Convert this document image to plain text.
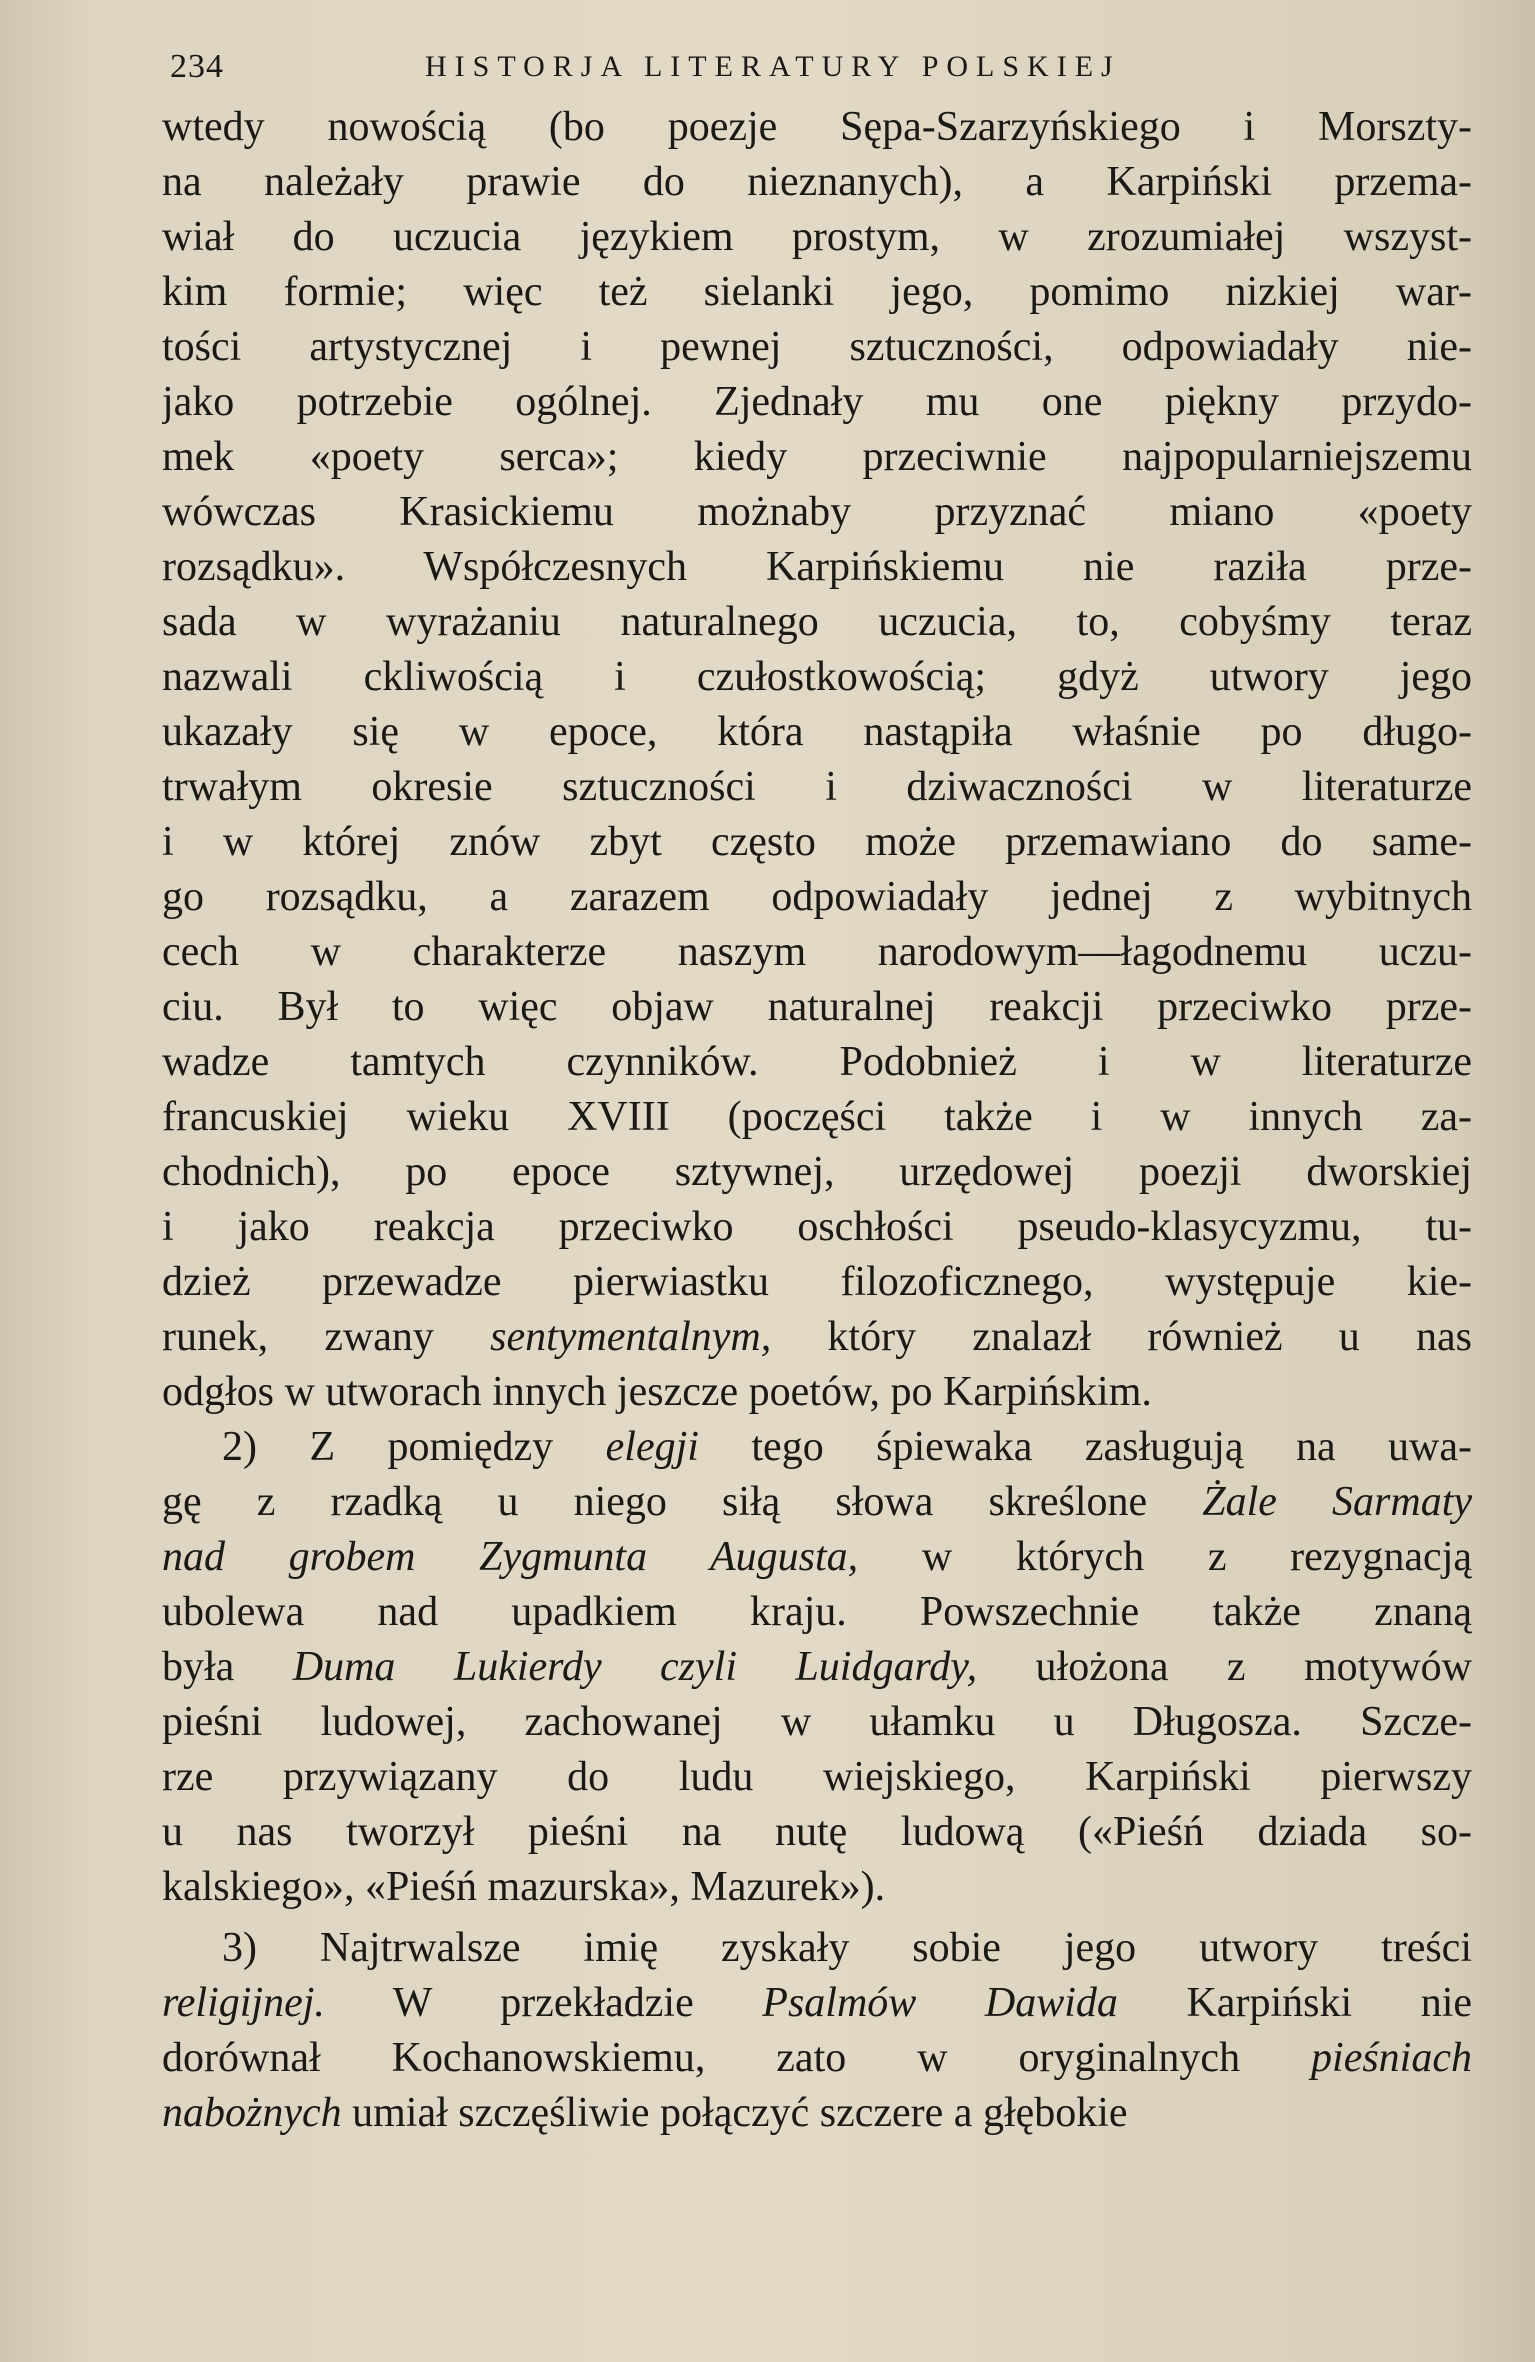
234	HISTORJA LITERATURY POLSKIEJ
wtedy nowością (bo poezje Sępa-Szarzyńskiego i Morszty-
na należały prawie do nieznanych), a Karpiński przema-
wiał do uczucia językiem prostym, w zrozumiałej wszyst-
kim formie; więc też sielanki jego, pomimo nizkiej war-
tości artystycznej i pewnej sztuczności, odpowiadały nie-
jako potrzebie ogólnej. Zjednały mu one piękny przydo-
mek «poety serca»; kiedy przeciwnie najpopularniejszemu
wówczas Krasickiemu możnaby przyznać miano «poety
rozsądku». Współczesnych Karpińskiemu nie raziła prze-
sada w wyrażaniu naturalnego uczucia, to, cobyśmy teraz
nazwali ckliwością i czułostkowością; gdyż utwory jego
ukazały się w epoce, która nastąpiła właśnie po długo-
trwałym okresie sztuczności i dziwaczności w literaturze
i w której znów zbyt często może przemawiano do same-
go rozsądku, a zarazem odpowiadały jednej z wybitnych
cech w charakterze naszym narodowym—łagodnemu uczu-
ciu. Był to więc objaw naturalnej reakcji przeciwko prze-
wadze tamtych czynników. Podobnież i w literaturze
francuskiej wieku XVIII (poczęści także i w innych za-
chodnich), po epoce sztywnej, urzędowej poezji dworskiej
i jako reakcja przeciwko oschłości pseudo-klasycyzmu, tu-
dzież przewadze pierwiastku filozoficznego, występuje kie-
runek, zwany sentymentalnym, który znalazł również u nas
odgłos w utworach innych jeszcze poetów, po Karpińskim.
2) Z pomiędzy elegji tego śpiewaka zasługują na uwa-
gę z rzadką u niego siłą słowa skreślone Żale Sarmaty
nad grobem Zygmunta Augusta, w których z rezygnacją
ubolewa nad upadkiem kraju. Powszechnie także znaną
była Duma Lukierdy czyli Luidgardy, ułożona z motywów
pieśni ludowej, zachowanej w ułamku u Długosza. Szcze-
rze przywiązany do ludu wiejskiego, Karpiński pierwszy
u nas tworzył pieśni na nutę ludową («Pieśń dziada so-
kalskiego», «Pieśń mazurska», Mazurek»).
3) Najtrwalsze imię zyskały sobie jego utwory treści
religijnej. W przekładzie Psalmów Dawida Karpiński nie
dorównał Kochanowskiemu, zato w oryginalnych pieśniach
nabożnych umiał szczęśliwie połączyć szczere a głębokie
